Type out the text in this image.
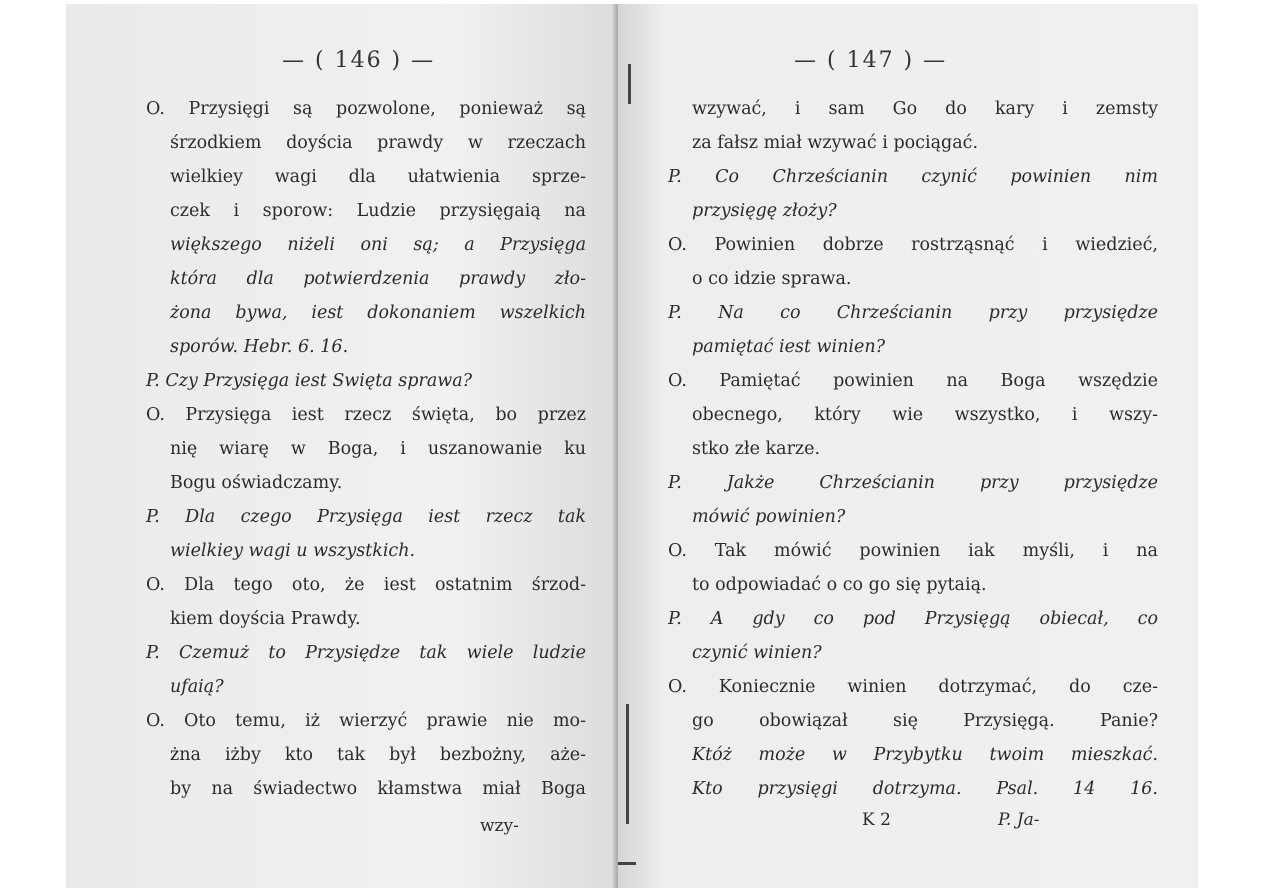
— ( 146 ) —
O. Przysięgi są pozwolone, ponieważ są
śrzodkiem doyścia prawdy w rzeczach
wielkiey wagi dla ułatwienia sprze-
czek i sporow: Ludzie przysięgaią na
większego niżeli oni są; a Przysięga
która dla potwierdzenia prawdy zło-
żona bywa, iest dokonaniem wszelkich
sporów. Hebr. 6. 16.
P. Czy Przysięga iest Swięta sprawa?
O. Przysięga iest rzecz święta, bo przez
nię wiarę w Boga, i uszanowanie ku
Bogu oświadczamy.
P. Dla czego Przysięga iest rzecz tak
wielkiey wagi u wszystkich.
O. Dla tego oto, że iest ostatnim śrzod-
kiem doyścia Prawdy.
P. Czemuż to Przysiędze tak wiele ludzie
ufaią?
O. Oto temu, iż wierzyć prawie nie mo-
żna iżby kto tak był bezbożny, aże-
by na świadectwo kłamstwa miał Boga
wzy-
— ( 147 ) —
wzywać, i sam Go do kary i zemsty
za fałsz miał wzywać i pociągać.
P. Co Chrześcianin czynić powinien nim
przysięgę złoży?
O. Powinien dobrze rostrząsnąć i wiedzieć,
o co idzie sprawa.
P. Na co Chrześcianin przy przysiędze
pamiętać iest winien?
O. Pamiętać powinien na Boga wszędzie
obecnego, który wie wszystko, i wszy-
stko złe karze.
P. Jakże Chrześcianin przy przysiędze
mówić powinien?
O. Tak mówić powinien iak myśli, i na
to odpowiadać o co go się pytaią.
P. A gdy co pod Przysięgą obiecał, co
czynić winien?
O. Koniecznie winien dotrzymać, do cze-
go obowiązał się Przysięgą. Panie?
Któż może w Przybytku twoim mieszkać.
Kto przysięgi dotrzyma. Psal. 14 16.
K 2	P. Ja-
